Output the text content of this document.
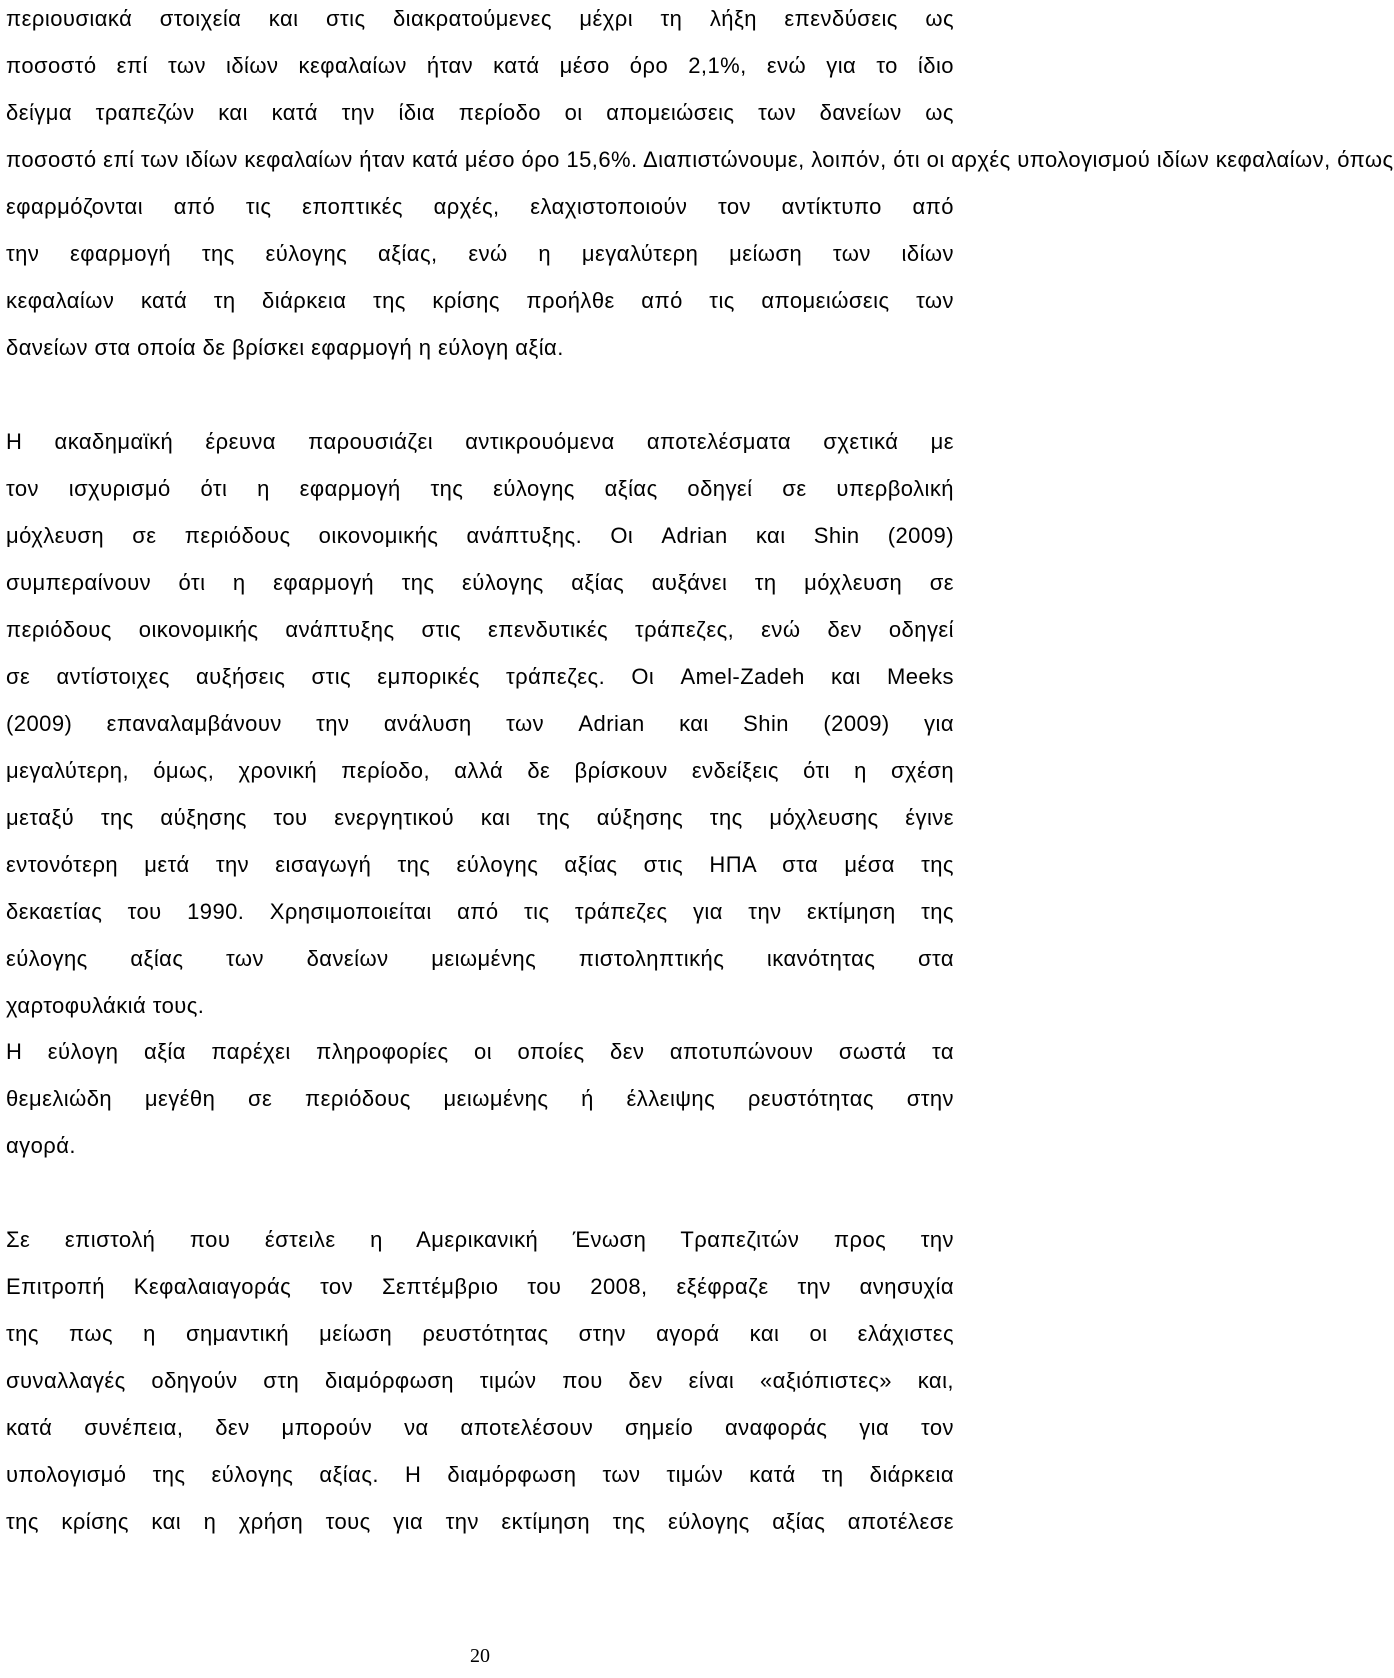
περιουσιακά στοιχεία και στις διακρατούμενες μέχρι τη λήξη επενδύσεις ως
ποσοστό επί των ιδίων κεφαλαίων ήταν κατά μέσο όρο 2,1%, ενώ για το ίδιο
δείγμα τραπεζών και κατά την ίδια περίοδο οι απομειώσεις των δανείων ως
ποσοστό επί των ιδίων κεφαλαίων ήταν κατά μέσο όρο 15,6%. Διαπιστώνουμε, λοιπόν, ότι οι αρχές υπολογισμού ιδίων κεφαλαίων, όπως
εφαρμόζονται από τις εποπτικές αρχές, ελαχιστοποιούν τον αντίκτυπο από
την εφαρμογή της εύλογης αξίας, ενώ η μεγαλύτερη μείωση των ιδίων
κεφαλαίων κατά τη διάρκεια της κρίσης προήλθε από τις απομειώσεις των
δανείων στα οποία δε βρίσκει εφαρμογή η εύλογη αξία.
Η ακαδημαϊκή έρευνα παρουσιάζει αντικρουόμενα αποτελέσματα σχετικά με
τον ισχυρισμό ότι η εφαρμογή της εύλογης αξίας οδηγεί σε υπερβολική
μόχλευση σε περιόδους οικονομικής ανάπτυξης. Οι Adrian και Shin (2009)
συμπεραίνουν ότι η εφαρμογή της εύλογης αξίας αυξάνει τη μόχλευση σε
περιόδους οικονομικής ανάπτυξης στις επενδυτικές τράπεζες, ενώ δεν οδηγεί
σε αντίστοιχες αυξήσεις στις εμπορικές τράπεζες. Οι Amel-Zadeh και Meeks
(2009) επαναλαμβάνουν την ανάλυση των Adrian και Shin (2009) για
μεγαλύτερη, όμως, χρονική περίοδο, αλλά δε βρίσκουν ενδείξεις ότι η σχέση
μεταξύ της αύξησης του ενεργητικού και της αύξησης της μόχλευσης έγινε
εντονότερη μετά την εισαγωγή της εύλογης αξίας στις ΗΠΑ στα μέσα της
δεκαετίας του 1990. Χρησιμοποιείται από τις τράπεζες για την εκτίμηση της
εύλογης αξίας των δανείων μειωμένης πιστοληπτικής ικανότητας στα
χαρτοφυλάκιά τους.
Η εύλογη αξία παρέχει πληροφορίες οι οποίες δεν αποτυπώνουν σωστά τα
θεμελιώδη μεγέθη σε περιόδους μειωμένης ή έλλειψης ρευστότητας στην
αγορά.
Σε επιστολή που έστειλε η Αμερικανική Ένωση Τραπεζιτών προς την
Επιτροπή Κεφαλαιαγοράς τον Σεπτέμβριο του 2008, εξέφραζε την ανησυχία
της πως η σημαντική μείωση ρευστότητας στην αγορά και οι ελάχιστες
συναλλαγές οδηγούν στη διαμόρφωση τιμών που δεν είναι «αξιόπιστες» και,
κατά συνέπεια, δεν μπορούν να αποτελέσουν σημείο αναφοράς για τον
υπολογισμό της εύλογης αξίας. Η διαμόρφωση των τιμών κατά τη διάρκεια
της κρίσης και η χρήση τους για την εκτίμηση της εύλογης αξίας αποτέλεσε
20
